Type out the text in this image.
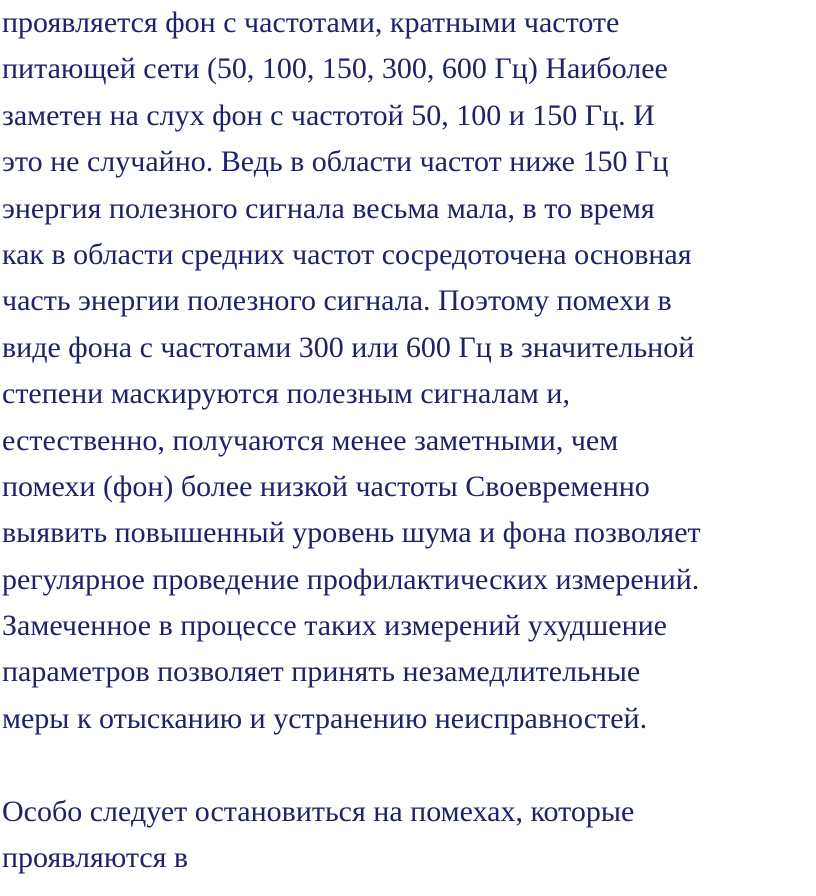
проявляется фон с частотами, кратными частоте
питающей сети (50, 100, 150, 300, 600 Гц) Наиболее
заметен на слух фон с частотой 50, 100 и 150 Гц. И
это не случайно. Ведь в области частот ниже 150 Гц
энергия полезного сигнала весьма мала, в то время
как в области средних частот сосредоточена основная
часть энергии полезного сигнала. Поэтому помехи в
виде фона с частотами 300 или 600 Гц в значительной
степени маскируются полезным сигналам и,
естественно, получаются менее заметными, чем
помехи (фон) более низкой частоты Своевременно
выявить повышенный уровень шума и фона позволяет
регулярное проведение профилактических измерений.
Замеченное в процессе таких измерений ухудшение
параметров позволяет принять незамедлительные
меры к отысканию и устранению неисправностей.
Особо следует остановиться на помехах, которые
проявляются в
